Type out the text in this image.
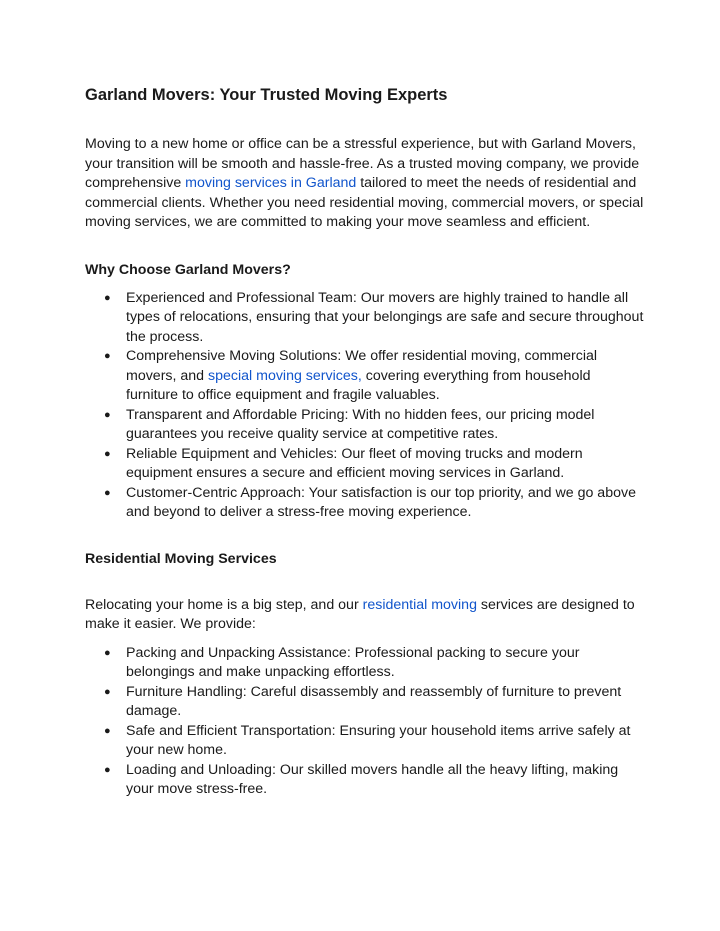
Garland Movers: Your Trusted Moving Experts

Moving to a new home or office can be a stressful experience, but with Garland Movers, your transition will be smooth and hassle-free. As a trusted moving company, we provide comprehensive moving services in Garland tailored to meet the needs of residential and commercial clients. Whether you need residential moving, commercial movers, or special moving services, we are committed to making your move seamless and efficient.

Why Choose Garland Movers?
● Experienced and Professional Team: Our movers are highly trained to handle all types of relocations, ensuring that your belongings are safe and secure throughout the process.
● Comprehensive Moving Solutions: We offer residential moving, commercial movers, and special moving services, covering everything from household furniture to office equipment and fragile valuables.
● Transparent and Affordable Pricing: With no hidden fees, our pricing model guarantees you receive quality service at competitive rates.
● Reliable Equipment and Vehicles: Our fleet of moving trucks and modern equipment ensures a secure and efficient moving services in Garland.
● Customer-Centric Approach: Your satisfaction is our top priority, and we go above and beyond to deliver a stress-free moving experience.
Residential Moving Services

Relocating your home is a big step, and our residential moving services are designed to make it easier. We provide:

● Packing and Unpacking Assistance: Professional packing to secure your belongings and make unpacking effortless.
● Furniture Handling: Careful disassembly and reassembly of furniture to prevent damage.
● Safe and Efficient Transportation: Ensuring your household items arrive safely at your new home.
● Loading and Unloading: Our skilled movers handle all the heavy lifting, making your move stress-free.
